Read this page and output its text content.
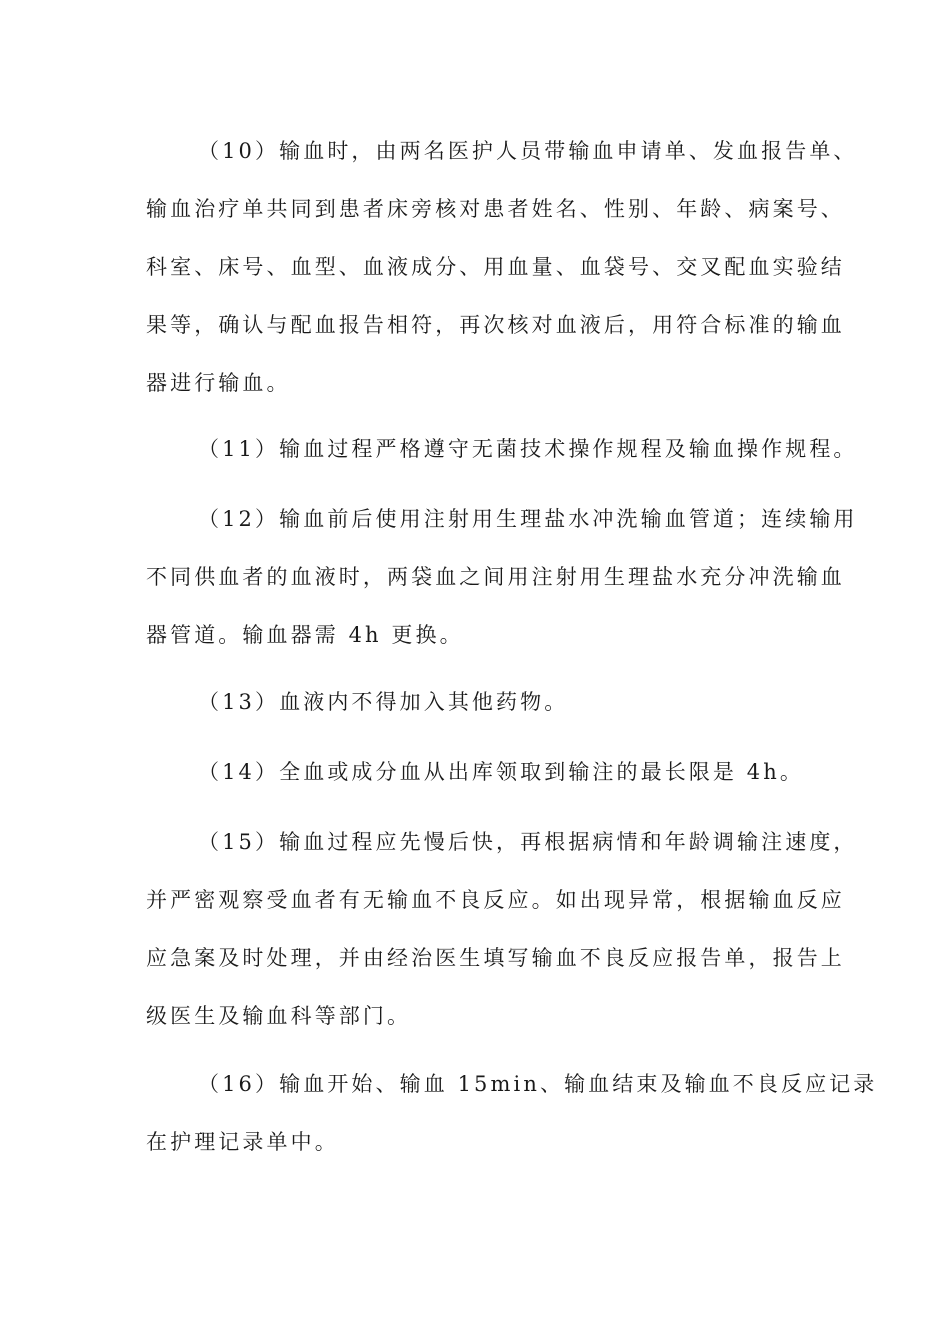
（10）输血时，由两名医护人员带输血申请单、发血报告单、
输血治疗单共同到患者床旁核对患者姓名、性别、年龄、病案号、
科室、床号、血型、血液成分、用血量、血袋号、交叉配血实验结
果等，确认与配血报告相符，再次核对血液后，用符合标准的输血
器进行输血。
（11）输血过程严格遵守无菌技术操作规程及输血操作规程。
（12）输血前后使用注射用生理盐水冲洗输血管道；连续输用
不同供血者的血液时，两袋血之间用注射用生理盐水充分冲洗输血
器管道。输血器需 4h 更换。
（13）血液内不得加入其他药物。
（14）全血或成分血从出库领取到输注的最长限是 4h。
（15）输血过程应先慢后快，再根据病情和年龄调输注速度，
并严密观察受血者有无输血不良反应。如出现异常，根据输血反应
应急案及时处理，并由经治医生填写输血不良反应报告单，报告上
级医生及输血科等部门。
（16）输血开始、输血 15min、输血结束及输血不良反应记录
在护理记录单中。
